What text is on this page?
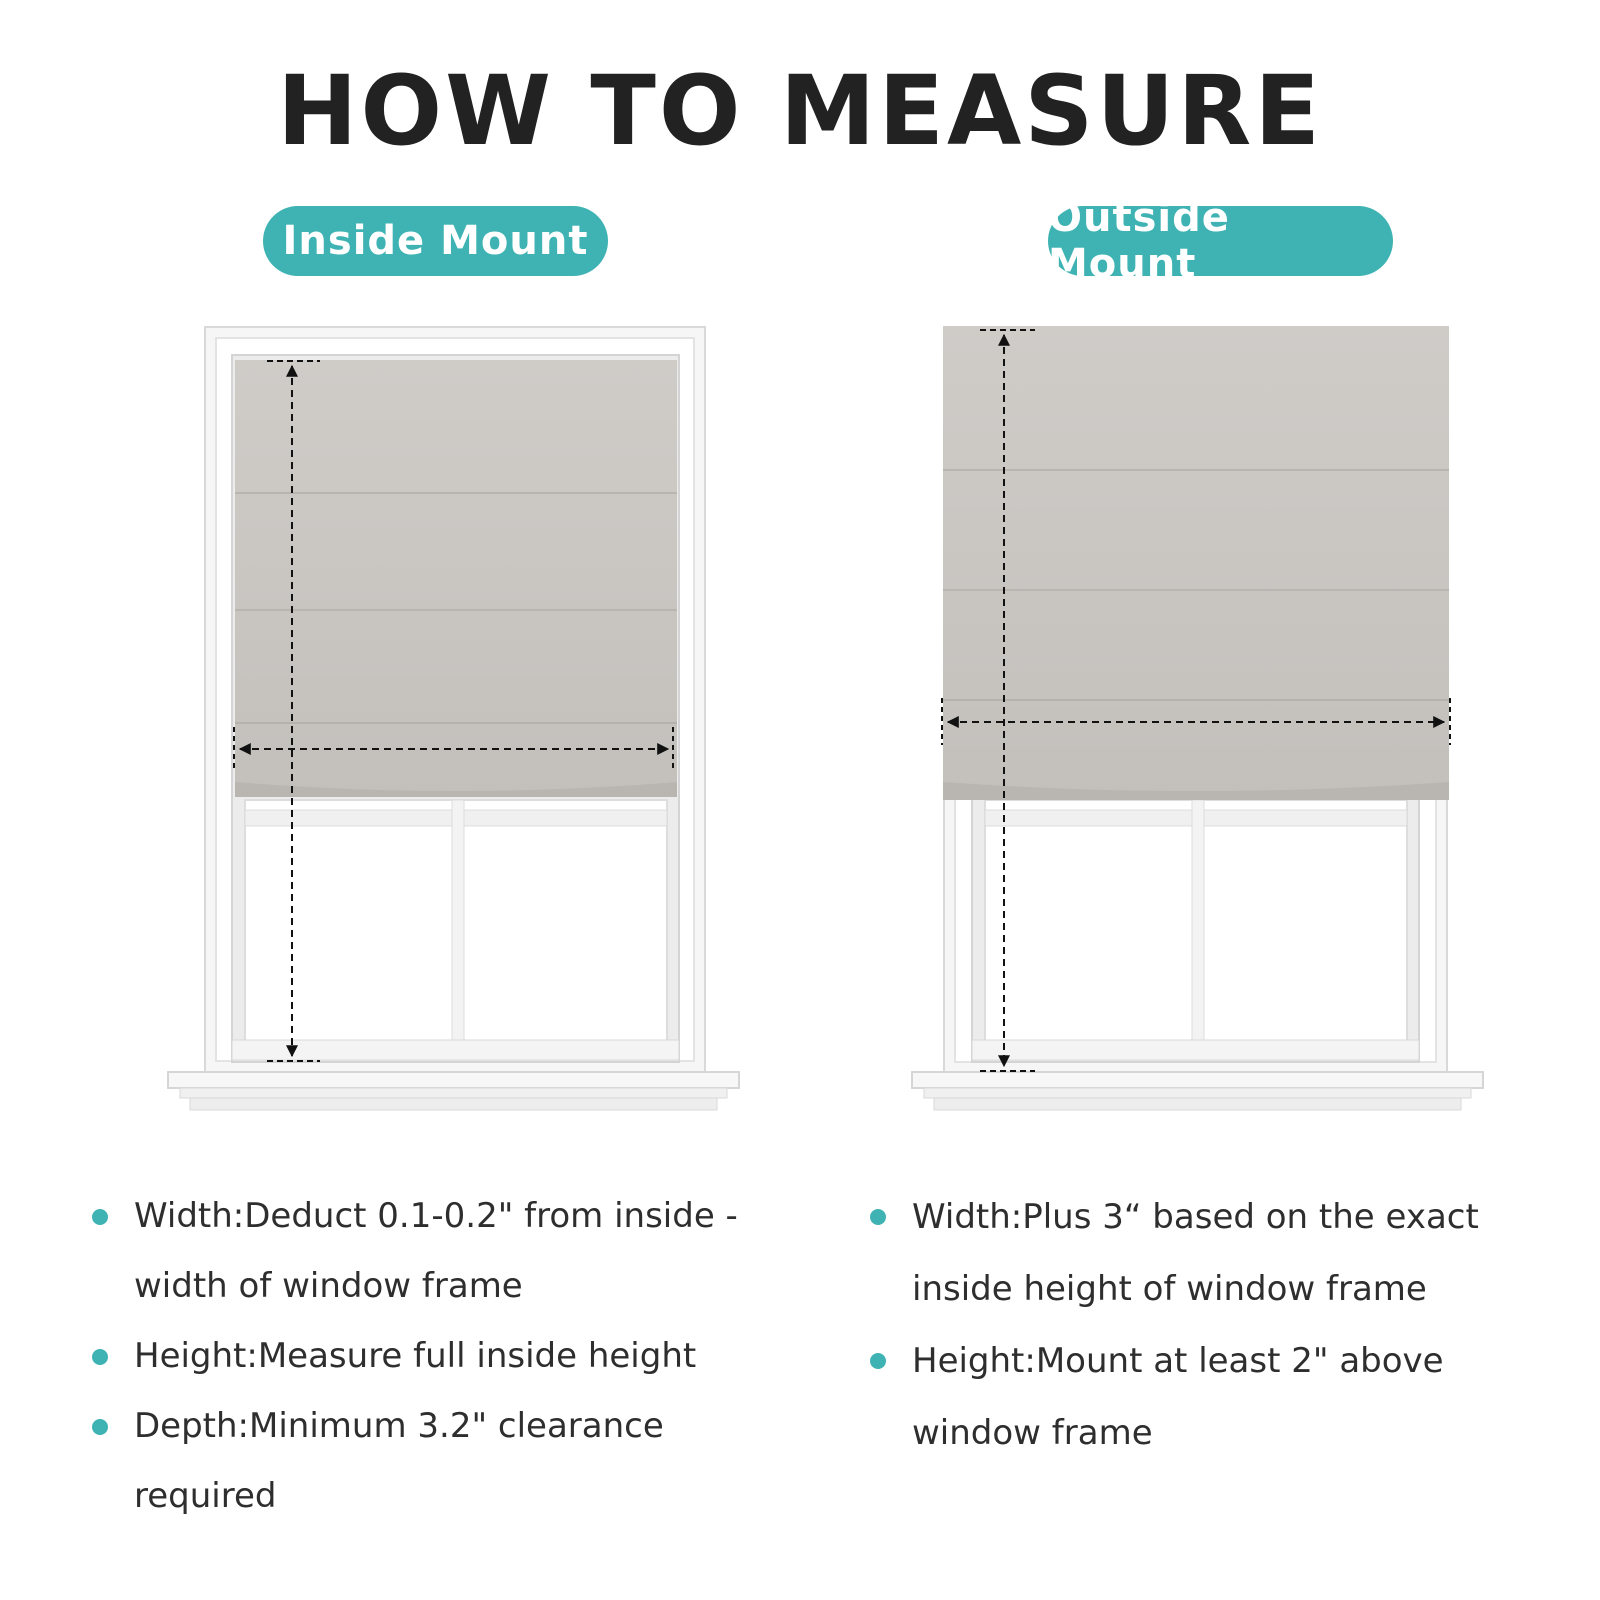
HOW TO MEASURE
Inside Mount	Outside Mount
Width:Deduct 0.1-0.2" from inside - width of window frame
Height:Measure full inside height
Depth:Minimum 3.2" clearance required
Width:Plus 3“ based on the exact inside height of window frame
Height:Mount at least 2" above window frame
